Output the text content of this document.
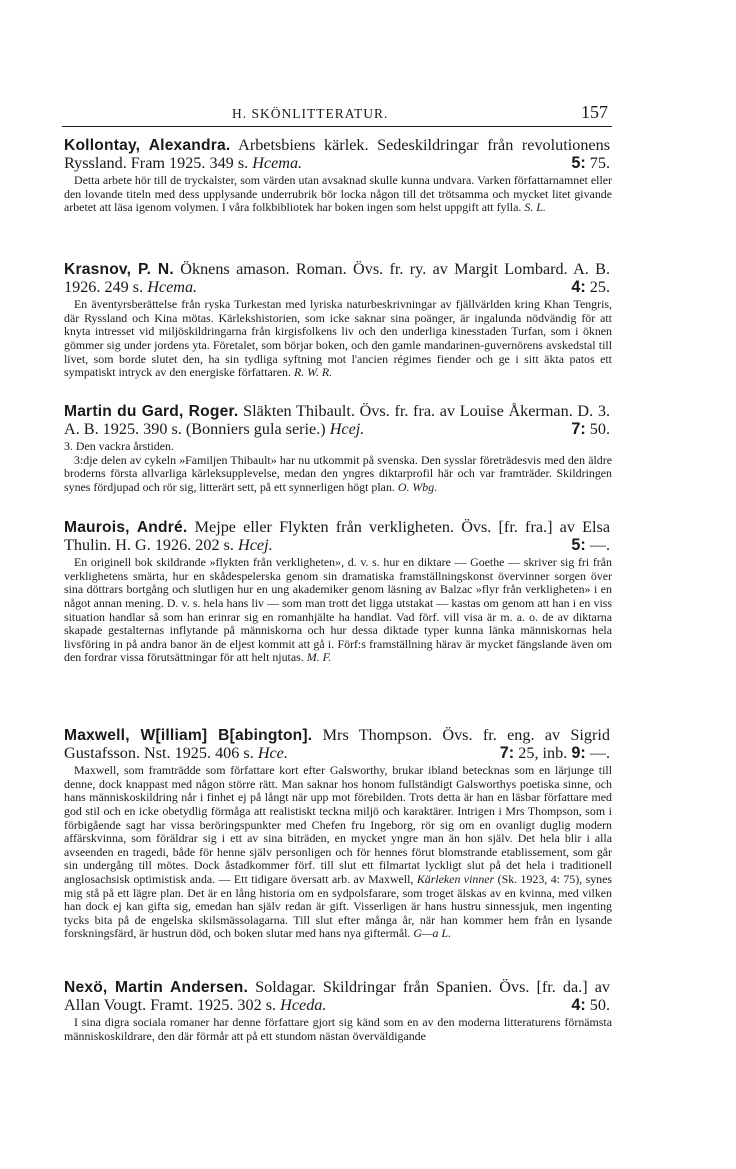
H. SKÖNLITTERATUR.	157

Kollontay, Alexandra. Arbetsbiens kärlek. Sedeskildringar från revolutionens Ryssland. Fram 1925. 349 s. Hcema.	5: 75.

Detta arbete hör till de tryckalster, som värden utan avsaknad skulle kunna undvara. Varken författarnamnet eller den lovande titeln med dess upplysande underrubrik bör locka någon till det trötsamma och mycket litet givande arbetet att läsa igenom volymen. I våra folkbibliotek har boken ingen som helst uppgift att fylla. S. L.

Krasnov, P. N. Öknens amason. Roman. Övs. fr. ry. av Margit Lombard. A. B. 1926. 249 s. Hcema.	4: 25.

En äventyrsberättelse från ryska Turkestan med lyriska naturbeskrivningar av fjällvärlden kring Khan Tengris, där Ryssland och Kina mötas. Kärlekshistorien, som icke saknar sina poänger, är ingalunda nödvändig för att knyta intresset vid miljöskildringarna från kirgisfolkens liv och den underliga kinesstaden Turfan, som i öknen gömmer sig under jordens yta. Företalet, som börjar boken, och den gamle mandarinen-guvernörens avskedstal till livet, som borde slutet den, ha sin tydliga syftning mot l'ancien régimes fiender och ge i sitt äkta patos ett sympatiskt intryck av den energiske författaren. R. W. R.

Martin du Gard, Roger. Släkten Thibault. Övs. fr. fra. av Louise Åkerman. D. 3. A. B. 1925. 390 s. (Bonniers gula serie.) Hcej.	7: 50.

3. Den vackra årstiden.

3:dje delen av cykeln »Familjen Thibault» har nu utkommit på svenska. Den sysslar företrädesvis med den äldre broderns första allvarliga kärleksupplevelse, medan den yngres diktarprofil här och var framträder. Skildringen synes fördjupad och rör sig, litterärt sett, på ett synnerligen högt plan. O. Wbg.

Maurois, André. Mejpe eller Flykten från verkligheten. Övs. [fr. fra.] av Elsa Thulin. H. G. 1926. 202 s. Hcej.	5: —.

En originell bok skildrande »flykten från verkligheten», d. v. s. hur en diktare — Goethe — skriver sig fri från verklighetens smärta, hur en skådespelerska genom sin dramatiska framställningskonst övervinner sorgen över sina döttrars bortgång och slutligen hur en ung akademiker genom läsning av Balzac »flyr från verkligheten» i en något annan mening. D. v. s. hela hans liv — som man trott det ligga utstakat — kastas om genom att han i en viss situation handlar så som han erinrar sig en romanhjälte ha handlat. Vad förf. vill visa är m. a. o. de av diktarna skapade gestalternas inflytande på människorna och hur dessa diktade typer kunna länka människornas hela livsföring in på andra banor än de eljest kommit att gå i. Förf:s framställning härav är mycket fängslande även om den fordrar vissa förutsättningar för att helt njutas. M. F.

Maxwell, W[illiam] B[abington]. Mrs Thompson. Övs. fr. eng. av Sigrid Gustafsson. Nst. 1925. 406 s. Hce.	7: 25, inb. 9: —.

Maxwell, som framträdde som författare kort efter Galsworthy, brukar ibland betecknas som en lärjunge till denne, dock knappast med någon större rätt. Man saknar hos honom fullständigt Galsworthys poetiska sinne, och hans människoskildring når i finhet ej på långt när upp mot förebilden. Trots detta är han en läsbar författare med god stil och en icke obetydlig förmåga att realistiskt teckna miljö och karaktärer. Intrigen i Mrs Thompson, som i förbigående sagt har vissa beröringspunkter med Chefen fru Ingeborg, rör sig om en ovanligt duglig modern affärskvinna, som föräldrar sig i ett av sina biträden, en mycket yngre man än hon själv. Det hela blir i alla avseenden en tragedi, både för henne själv personligen och för hennes förut blomstrande etablissement, som går sin undergång till mötes. Dock åstadkommer förf. till slut ett filmartat lyckligt slut på det hela i traditionell anglosachsisk optimistisk anda. — Ett tidigare översatt arb. av Maxwell, Kärleken vinner (Sk. 1923, 4: 75), synes mig stå på ett lägre plan. Det är en lång historia om en sydpolsfarare, som troget älskas av en kvinna, med vilken han dock ej kan gifta sig, emedan han själv redan är gift. Visserligen är hans hustru sinnessjuk, men ingenting tycks bita på de engelska skilsmässolagarna. Till slut efter många år, när han kommer hem från en lysande forskningsfärd, är hustrun död, och boken slutar med hans nya giftermål. G—a L.

Nexö, Martin Andersen. Soldagar. Skildringar från Spanien. Övs. [fr. da.] av Allan Vougt. Framt. 1925. 302 s. Hceda.	4: 50.

I sina digra sociala romaner har denne författare gjort sig känd som en av den moderna litteraturens förnämsta människoskildrare, den där förmår att på ett stundom nästan överväldigande
